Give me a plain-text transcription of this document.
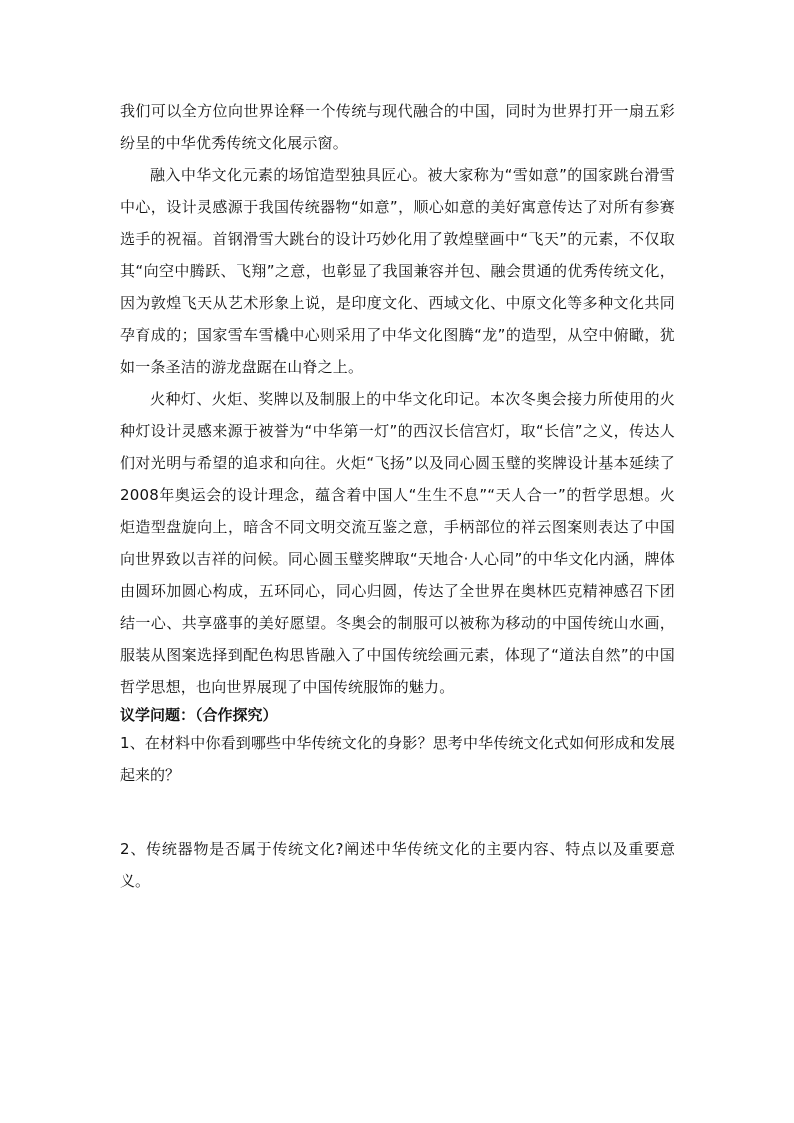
我们可以全方位向世界诠释一个传统与现代融合的中国，同时为世界打开一扇五彩纷呈的中华优秀传统文化展示窗。

融入中华文化元素的场馆造型独具匠心。被大家称为“雪如意”的国家跳台滑雪中心，设计灵感源于我国传统器物“如意”，顺心如意的美好寓意传达了对所有参赛选手的祝福。首钢滑雪大跳台的设计巧妙化用了敦煌壁画中“飞天”的元素，不仅取其“向空中腾跃、飞翔”之意，也彰显了我国兼容并包、融会贯通的优秀传统文化，因为敦煌飞天从艺术形象上说，是印度文化、西域文化、中原文化等多种文化共同孕育成的；国家雪车雪橇中心则采用了中华文化图腾“龙”的造型，从空中俯瞰，犹如一条圣洁的游龙盘踞在山脊之上。

火种灯、火炬、奖牌以及制服上的中华文化印记。本次冬奥会接力所使用的火种灯设计灵感来源于被誉为“中华第一灯”的西汉长信宫灯，取“长信”之义，传达人们对光明与希望的追求和向往。火炬“飞扬”以及同心圆玉璧的奖牌设计基本延续了2008年奥运会的设计理念，蕴含着中国人“生生不息”“天人合一”的哲学思想。火炬造型盘旋向上，暗含不同文明交流互鉴之意，手柄部位的祥云图案则表达了中国向世界致以吉祥的问候。同心圆玉璧奖牌取“天地合·人心同”的中华文化内涵，牌体由圆环加圆心构成，五环同心，同心归圆，传达了全世界在奥林匹克精神感召下团结一心、共享盛事的美好愿望。冬奥会的制服可以被称为移动的中国传统山水画，服装从图案选择到配色构思皆融入了中国传统绘画元素，体现了“道法自然”的中国哲学思想，也向世界展现了中国传统服饰的魅力。

议学问题：（合作探究）

1、在材料中你看到哪些中华传统文化的身影？思考中华传统文化式如何形成和发展起来的？

2、传统器物是否属于传统文化?阐述中华传统文化的主要内容、特点以及重要意义。
